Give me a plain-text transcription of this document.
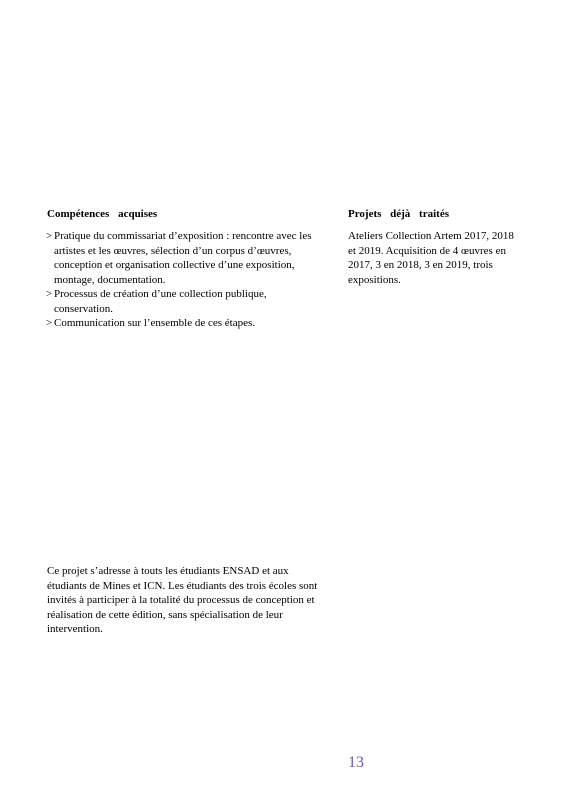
Compétences acquises
> Pratique du commissariat d’exposition : rencontre avec les artistes et les œuvres, sélection d’un corpus d’œuvres, conception et organisation collective d’une exposition, montage, documentation.
> Processus de création d’une collection publique, conservation.
> Communication sur l’ensemble de ces étapes.
Projets déjà traités

Ateliers Collection Artem 2017, 2018 et 2019. Acquisition de 4 œuvres en 2017, 3 en 2018, 3 en 2019, trois expositions.

Ce projet s’adresse à touts les étudiants ENSAD et aux étudiants de Mines et ICN. Les étudiants des trois écoles sont invités à participer à la totalité du processus de conception et réalisation de cette édition, sans spécialisation de leur intervention.

13
